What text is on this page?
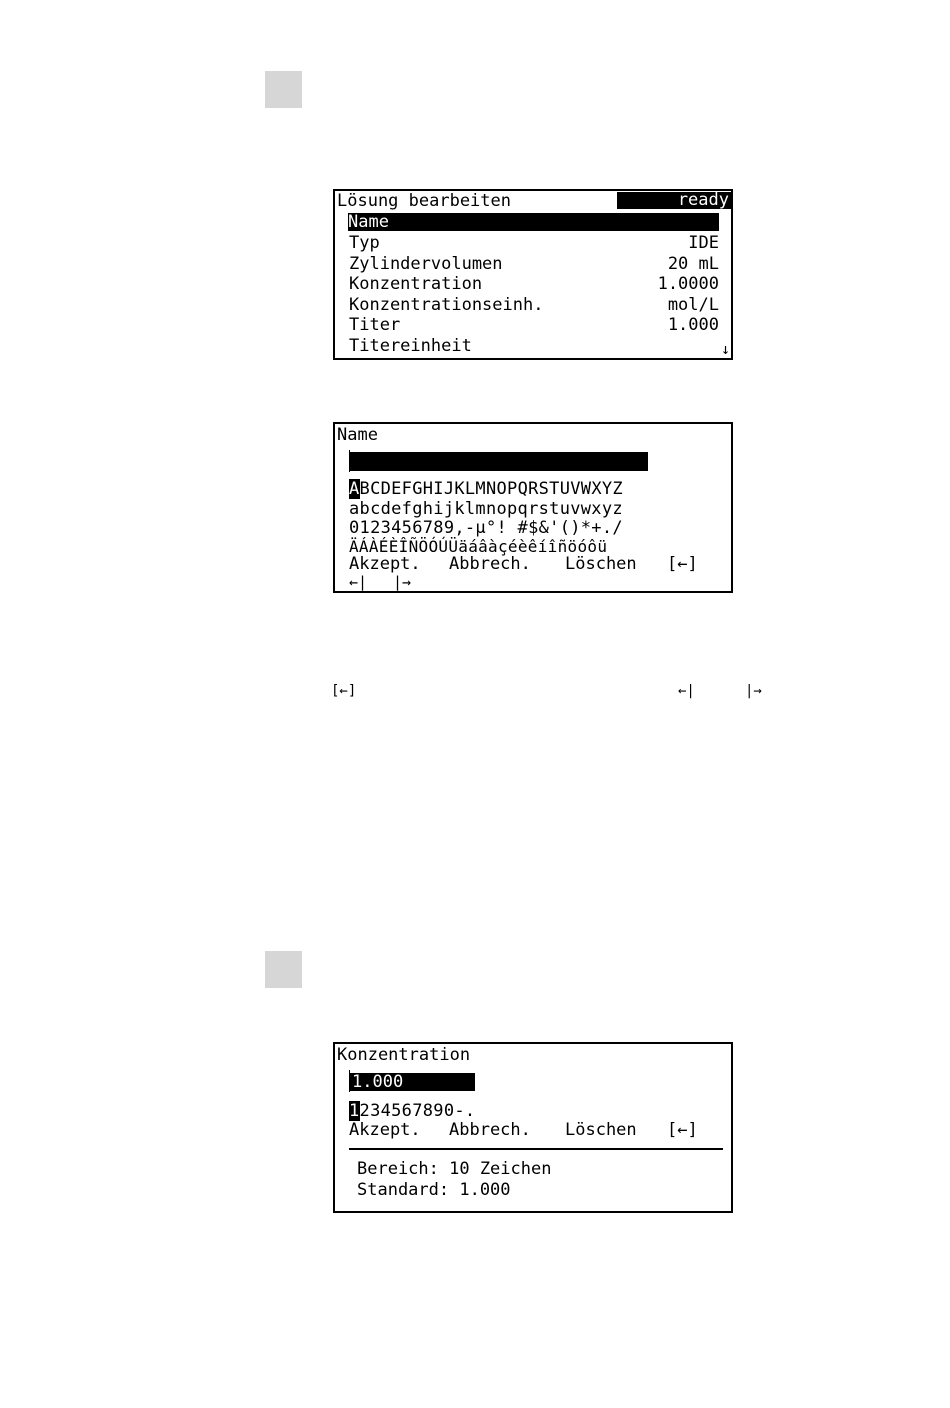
Lösung bearbeiten	ready
Name
Typ	IDE
Zylindervolumen	20 mL
Konzentration	1.0000
Konzentrationseinh.	mol/L
Titer	1.000
Titereinheit	↓
Name
ABCDEFGHIJKLMNOPQRSTUVWXYZ
abcdefghijklmnopqrstuvwxyz
0123456789,-µ°! #$&'()*+./
ÄÁÀÉÈÎÑÖÓÚÜäáâàçéèêíîñöóôü

Akzept.

Abbrech.

Löschen

[←]

←|

|→

[←]	←|	|→
Konzentration
1.000
1234567890-.

Akzept.

Abbrech.

Löschen

[←]

Bereich: 10 Zeichen
Standard: 1.000
